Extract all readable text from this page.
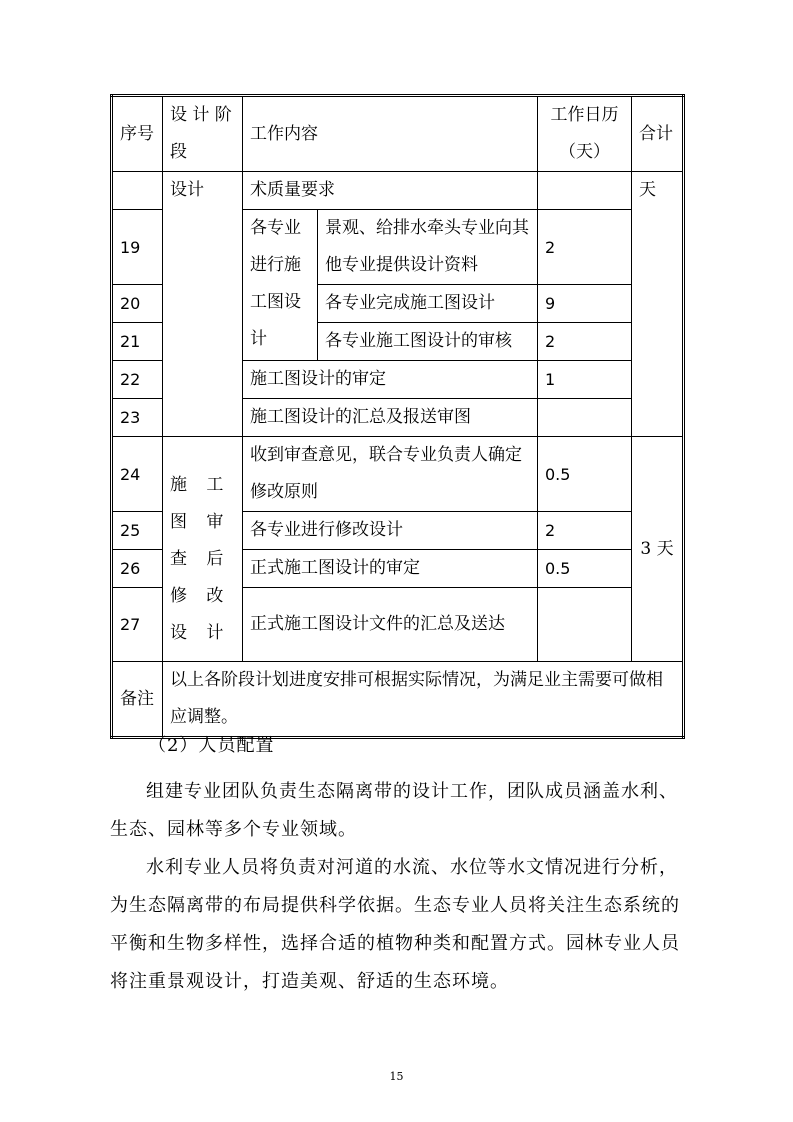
序号	设 计 阶 段	工作内容		工作日历（天）	合计
	设计	术质量要求			天
19		各专业进行施工图设计	景观、给排水牵头专业向其他专业提供设计资料	2	
20			各专业完成施工图设计	9	
21			各专业施工图设计的审核	2	
22		施工图设计的审定		1	
23		施工图设计的汇总及报送审图			
24	施 工 图 审 查 后 修 改 设 计	收到审查意见，联合专业负责人确定修改原则		0.5	3 天
25		各专业进行修改设计		2	
26		正式施工图设计的审定		0.5	
27		正式施工图设计文件的汇总及送达			
备注	以上各阶段计划进度安排可根据实际情况，为满足业主需要可做相应调整。				

（2）人员配置

组建专业团队负责生态隔离带的设计工作，团队成员涵盖水利、生态、园林等多个专业领域。

水利专业人员将负责对河道的水流、水位等水文情况进行分析，为生态隔离带的布局提供科学依据。生态专业人员将关注生态系统的平衡和生物多样性，选择合适的植物种类和配置方式。园林专业人员将注重景观设计，打造美观、舒适的生态环境。

15
